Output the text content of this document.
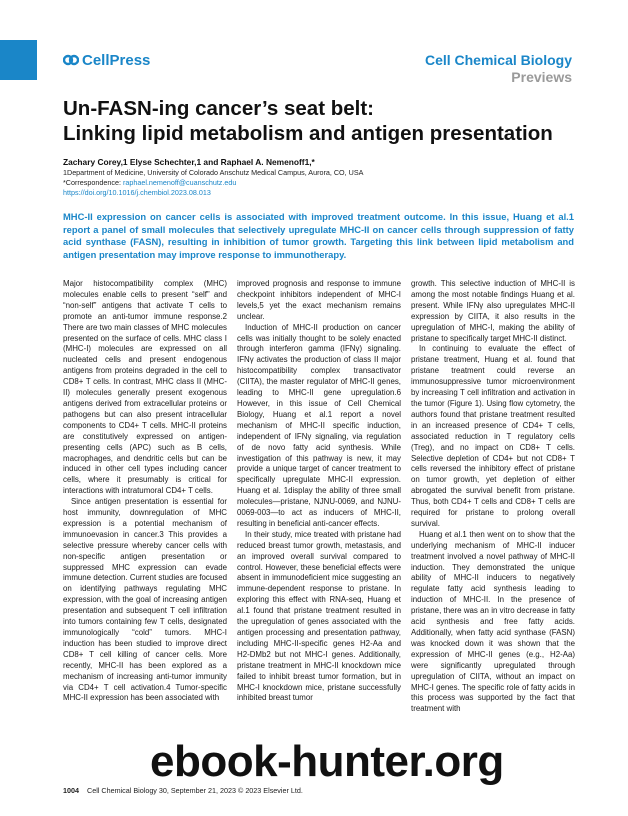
CellPress	Cell Chemical Biology
Previews
Un-FASN-ing cancer’s seat belt:
Linking lipid metabolism and antigen presentation
Zachary Corey,1 Elyse Schechter,1 and Raphael A. Nemenoff1,*
1Department of Medicine, University of Colorado Anschutz Medical Campus, Aurora, CO, USA
*Correspondence: raphael.nemenoff@cuanschutz.edu
https://doi.org/10.1016/j.chembiol.2023.08.013
MHC-II expression on cancer cells is associated with improved treatment outcome. In this issue, Huang et al.1 report a panel of small molecules that selectively upregulate MHC-II on cancer cells through suppression of fatty acid synthase (FASN), resulting in inhibition of tumor growth. Targeting this link between lipid metabolism and antigen presentation may improve response to immunotherapy.

Major histocompatibility complex (MHC) molecules enable cells to present “self” and “non-self” antigens that activate T cells to promote an anti-tumor immune response.2 There are two main classes of MHC molecules presented on the surface of cells. MHC class I (MHC-I) molecules are expressed on all nucleated cells and present endogenous antigens from proteins degraded in the cell to CD8+ T cells. In contrast, MHC class II (MHC-II) molecules generally present exogenous antigens derived from extracellular proteins or pathogens but can also present intracellular components to CD4+ T cells. MHC-II proteins are constitutively expressed on antigen-presenting cells (APC) such as B cells, macrophages, and dendritic cells but can be induced in other cell types including cancer cells, where it presumably is critical for interactions with intratumoral CD4+ T cells.

Since antigen presentation is essential for host immunity, downregulation of MHC expression is a potential mechanism of immunoevasion in cancer.3 This provides a selective pressure whereby cancer cells with non-specific antigen presentation or suppressed MHC expression can evade immune detection. Current studies are focused on identifying pathways regulating MHC expression, with the goal of increasing antigen presentation and subsequent T cell infiltration into tumors containing few T cells, designated immunologically “cold” tumors. MHC-I induction has been studied to improve direct CD8+ T cell killing of cancer cells. More recently, MHC-II has been explored as a mechanism of increasing anti-tumor immunity via CD4+ T cell activation.4 Tumor-specific MHC-II expression has been associated with

improved prognosis and response to immune checkpoint inhibitors independent of MHC-I levels,5 yet the exact mechanism remains unclear.

Induction of MHC-II production on cancer cells was initially thought to be solely enacted through interferon gamma (IFNγ) signaling. IFNγ activates the production of class II major histocompatibility complex transactivator (CIITA), the master regulator of MHC-II genes, leading to MHC-II gene upregulation.6 However, in this issue of Cell Chemical Biology, Huang et al.1 report a novel mechanism of MHC-II specific induction, independent of IFNγ signaling, via regulation of de novo fatty acid synthesis. While investigation of this pathway is new, it may provide a unique target of cancer treatment to specifically upregulate MHC-II expression. Huang et al. 1display the ability of three small molecules—pristane, NJNU-0069, and NJNU-0069-003—to act as inducers of MHC-II, resulting in beneficial anti-cancer effects.

In their study, mice treated with pristane had reduced breast tumor growth, metastasis, and an improved overall survival compared to control. However, these beneficial effects were absent in immunodeficient mice suggesting an immune-dependent response to pristane. In exploring this effect with RNA-seq, Huang et al.1 found that pristane treatment resulted in the upregulation of genes associated with the antigen processing and presentation pathway, including MHC-II-specific genes H2-Aa and H2-DMb2 but not MHC-I genes. Additionally, pristane treatment in MHC-II knockdown mice failed to inhibit breast tumor formation, but in MHC-I knockdown mice, pristane successfully inhibited breast tumor

growth. This selective induction of MHC-II is among the most notable findings Huang et al. present. While IFNγ also upregulates MHC-II expression by CIITA, it also results in the upregulation of MHC-I, making the ability of pristane to specifically target MHC-II distinct.

In continuing to evaluate the effect of pristane treatment, Huang et al. found that pristane treatment could reverse an immunosuppressive tumor microenvironment by increasing T cell infiltration and activation in the tumor (Figure 1). Using flow cytometry, the authors found that pristane treatment resulted in an increased presence of CD4+ T cells, associated reduction in T regulatory cells (Treg), and no impact on CD8+ T cells. Selective depletion of CD4+ but not CD8+ T cells reversed the inhibitory effect of pristane on tumor growth, yet depletion of either abrogated the survival benefit from pristane. Thus, both CD4+ T cells and CD8+ T cells are required for pristane to prolong overall survival.

Huang et al.1 then went on to show that the underlying mechanism of MHC-II inducer treatment involved a novel pathway of MHC-II induction. They demonstrated the unique ability of MHC-II inducers to negatively regulate fatty acid synthesis leading to induction of MHC-II. In the presence of pristane, there was an in vitro decrease in fatty acid synthesis and free fatty acids. Additionally, when fatty acid synthase (FASN) was knocked down it was shown that the expression of MHC-II genes (e.g., H2-Aa) were significantly upregulated through upregulation of CIITA, without an impact on MHC-I genes. The specific role of fatty acids in this process was supported by the fact that treatment with

1004 Cell Chemical Biology 30, September 21, 2023 © 2023 Elsevier Ltd.
ebook-hunter.org
